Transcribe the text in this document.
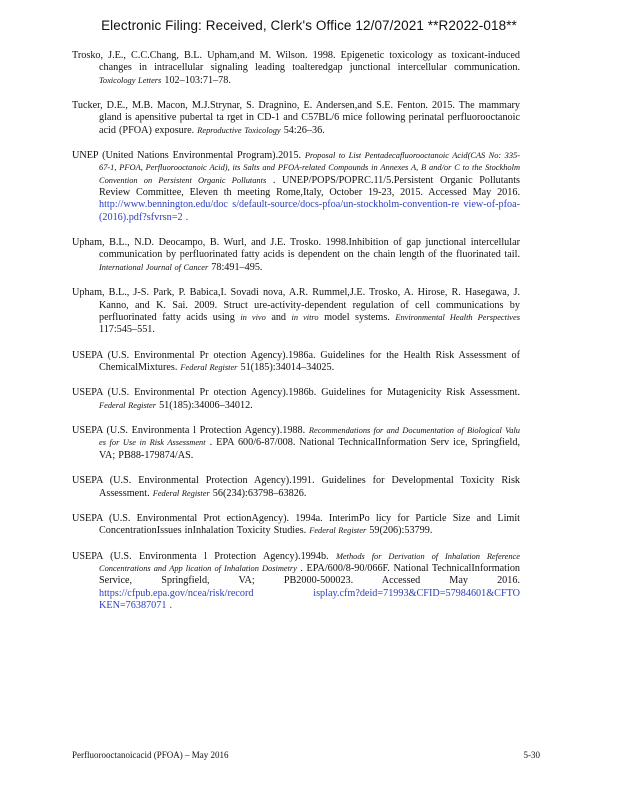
Electronic Filing: Received, Clerk's Office 12/07/2021 **R2022-018**

Trosko, J.E., C.C.Chang, B.L. Upham,and M. Wilson. 1998. Epigenetic toxicology as toxicant-induced changes in intracellular signaling leading toalteredgap junctional intercellular communication. Toxicology Letters 102–103:71–78.

Tucker, D.E., M.B. Macon, M.J.Strynar, S. Dragnino, E. Andersen,and S.E. Fenton. 2015. The mammary gland is apensitive pubertal ta rget in CD-1 and C57BL/6 mice following perinatal perfluorooctanoic acid (PFOA) exposure. Reproductive Toxicology 54:26–36.

UNEP (United Nations Environmental Program).2015. Proposal to List Pentadecafluorooctanoic Acid(CAS No: 335-67-1, PFOA, Perfluorooctanoic Acid), its Salts and PFOA-related Compounds in Annexes A, B and/or C to the Stockholm Convention on Persistent Organic Pollutants . UNEP/POPS/POPRC.11/5.Persistent Organic Pollutants Review Committee, Eleven th meeting Rome,Italy, October 19-23, 2015. Accessed May 2016. http://www.bennington.edu/doc s/default-source/docs-pfoa/un-stockholm-convention-re view-of-pfoa-(2016).pdf?sfvrsn=2 .

Upham, B.L., N.D. Deocampo, B. Wurl, and J.E. Trosko. 1998.Inhibition of gap junctional intercellular communication by perfluorinated fatty acids is dependent on the chain length of the fluorinated tail. International Journal of Cancer 78:491–495.

Upham, B.L., J-S. Park, P. Babica,I. Sovadi nova, A.R. Rummel,J.E. Trosko, A. Hirose, R. Hasegawa, J. Kanno, and K. Sai. 2009. Struct ure-activity-dependent regulation of cell communications by perfluorinated fatty acids using in vivo and in vitro model systems. Environmental Health Perspectives 117:545–551.

USEPA (U.S. Environmental Pr otection Agency).1986a. Guidelines for the Health Risk Assessment of ChemicalMixtures. Federal Register 51(185):34014–34025.

USEPA (U.S. Environmental Pr otection Agency).1986b. Guidelines for Mutagenicity Risk Assessment. Federal Register 51(185):34006–34012.

USEPA (U.S. Environmenta l Protection Agency).1988. Recommendations for and Documentation of Biological Valu es for Use in Risk Assessment . EPA 600/6-87/008. National TechnicalInformation Serv ice, Springfield, VA; PB88-179874/AS.

USEPA (U.S. Environmental Protection Agency).1991. Guidelines for Developmental Toxicity Risk Assessment. Federal Register 56(234):63798–63826.

USEPA (U.S. Environmental Prot ectionAgency). 1994a. InterimPo licy for Particle Size and Limit ConcentrationIssues inInhalation Toxicity Studies. Federal Register 59(206):53799.

USEPA (U.S. Environmenta l Protection Agency).1994b. Methods for Derivation of Inhalation Reference Concentrations and App lication of Inhalation Dosimetry . EPA/600/8-90/066F. National TechnicalInformation Service, Springfield, VA; PB2000-500023. Accessed May 2016. https://cfpub.epa.gov/ncea/risk/record isplay.cfm?deid=71993&CFID=57984601&CFTO KEN=76387071 .

Perfluorooctanoicacid (PFOA) – May 2016	5-30
